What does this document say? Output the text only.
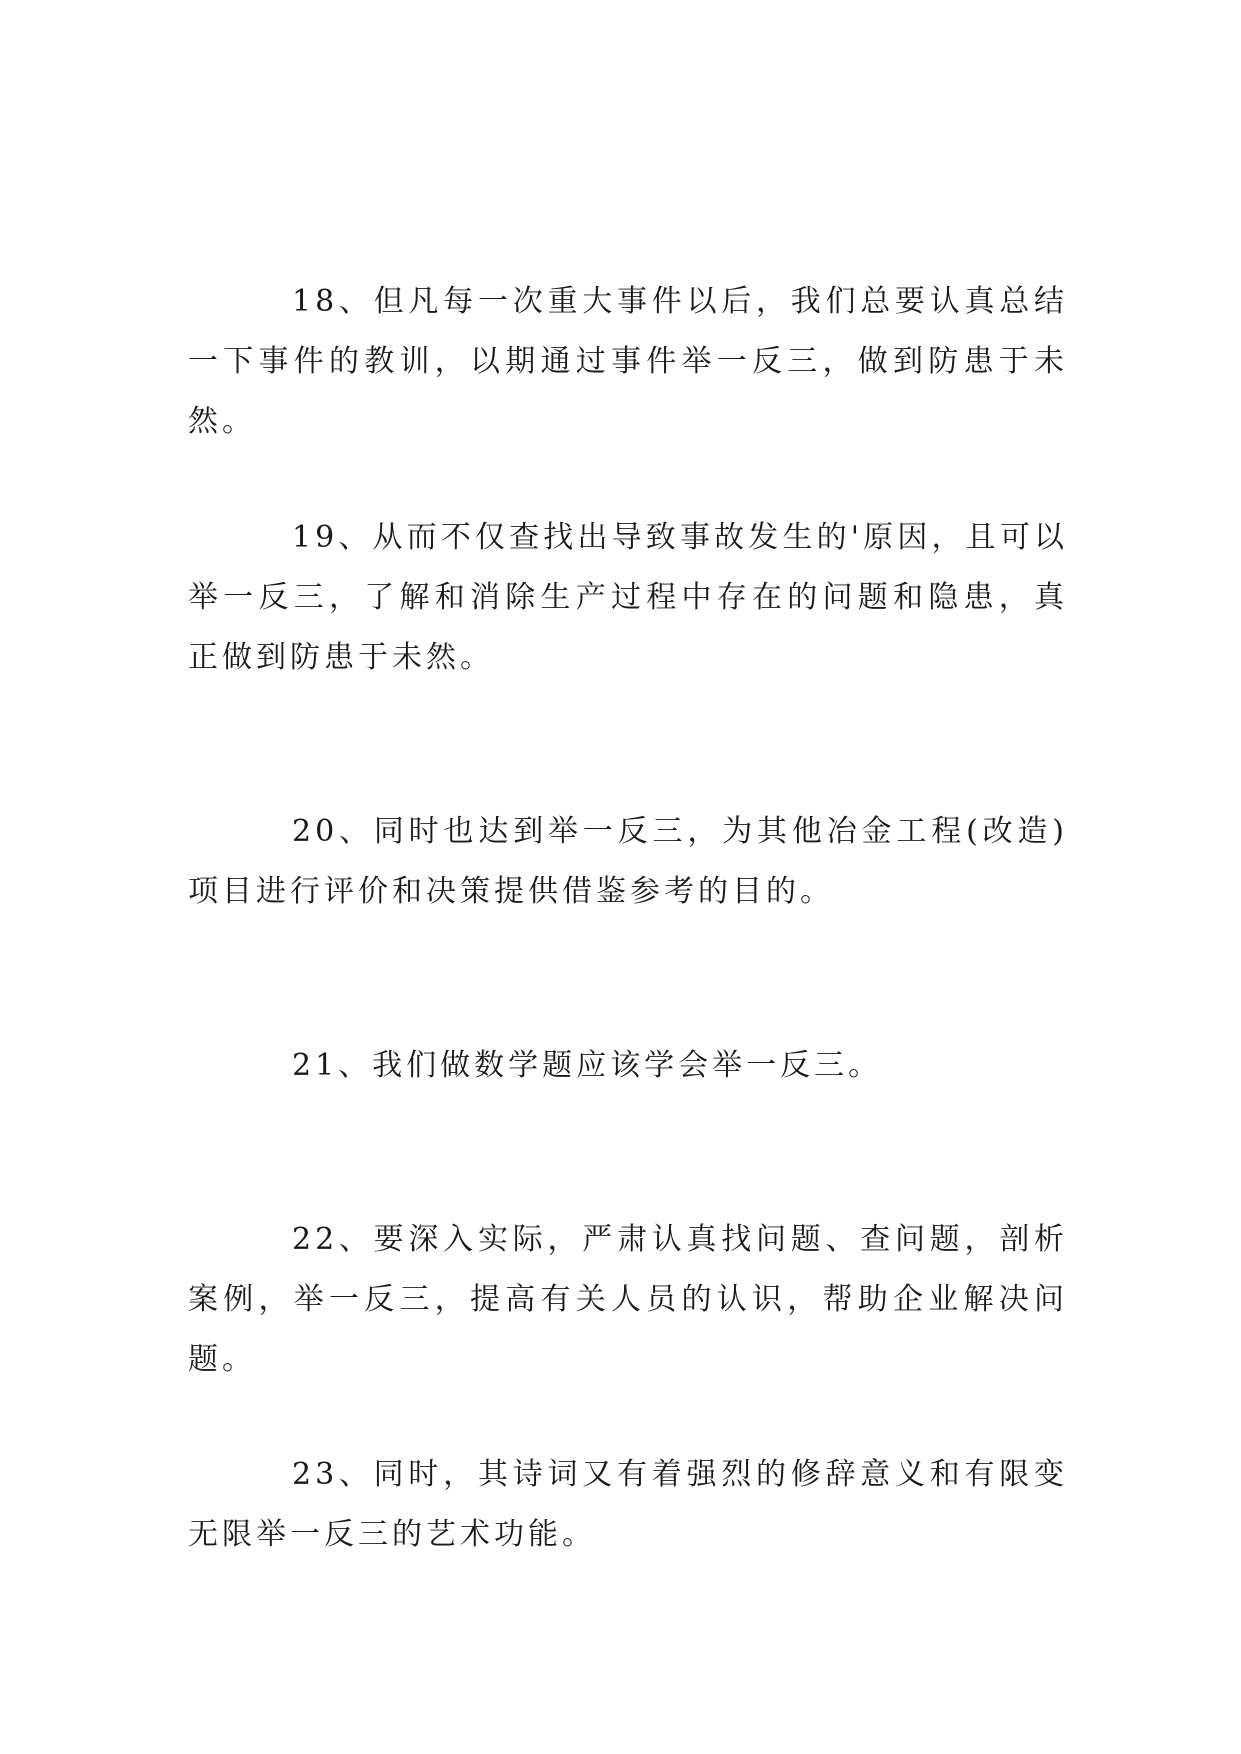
18、但凡每一次重大事件以后，我们总要认真总结一下事件的教训，以期通过事件举一反三，做到防患于未然。

19、从而不仅查找出导致事故发生的'原因，且可以举一反三，了解和消除生产过程中存在的问题和隐患，真正做到防患于未然。

20、同时也达到举一反三，为其他冶金工程(改造)项目进行评价和决策提供借鉴参考的目的。

21、我们做数学题应该学会举一反三。

22、要深入实际，严肃认真找问题、查问题，剖析案例，举一反三，提高有关人员的认识，帮助企业解决问题。

23、同时，其诗词又有着强烈的修辞意义和有限变无限举一反三的艺术功能。
